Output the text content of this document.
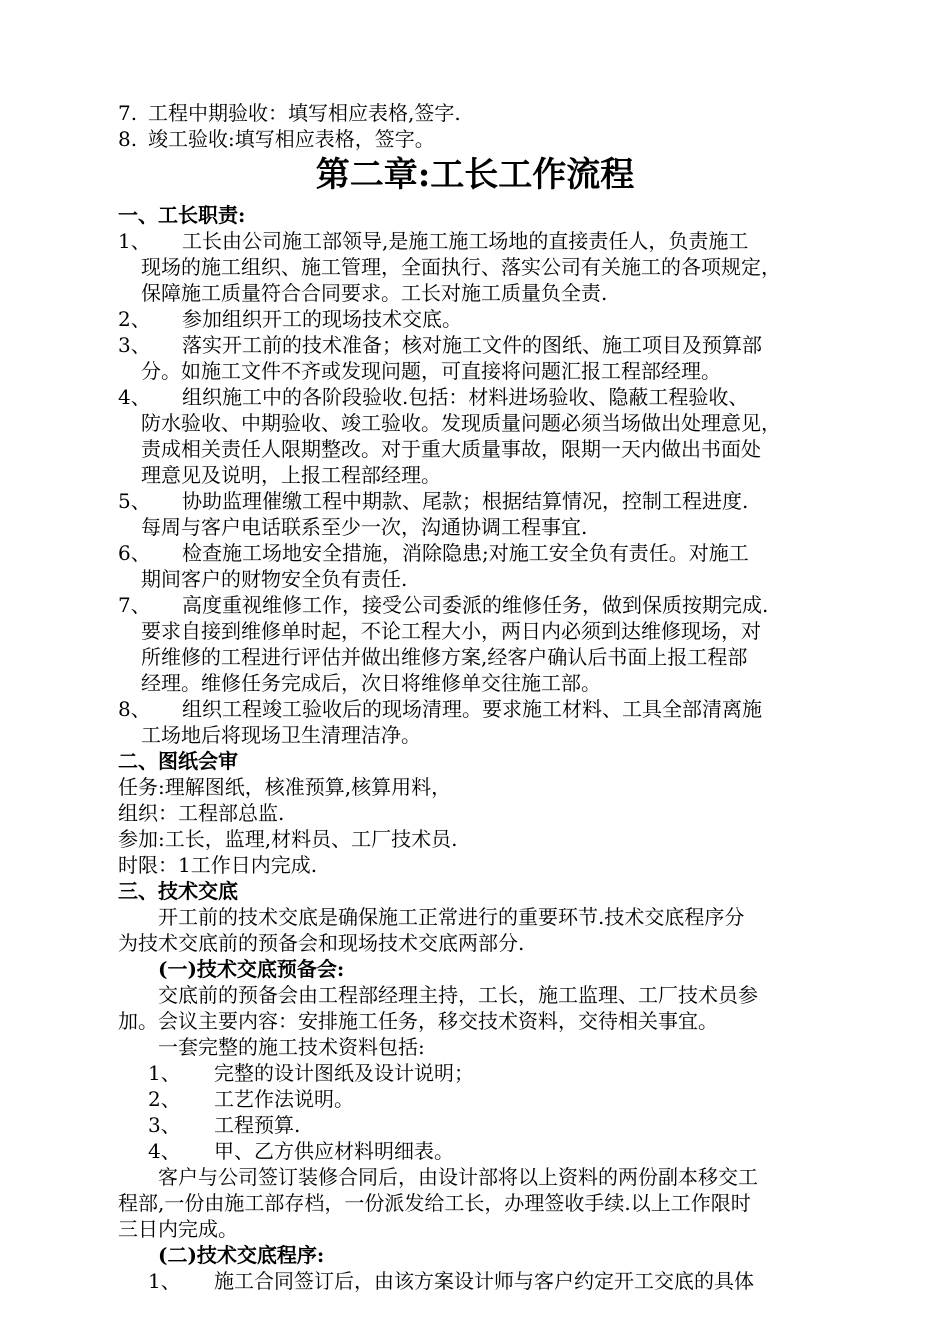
7. 工程中期验收：填写相应表格,签字.
8. 竣工验收:填写相应表格，签字。
第二章:工长工作流程
一、工长职责:
1、 工长由公司施工部领导,是施工施工场地的直接责任人，负责施工
现场的施工组织、施工管理，全面执行、落实公司有关施工的各项规定，
保障施工质量符合合同要求。工长对施工质量负全责.
2、 参加组织开工的现场技术交底。
3、 落实开工前的技术准备；核对施工文件的图纸、施工项目及预算部
分。如施工文件不齐或发现问题，可直接将问题汇报工程部经理。
4、 组织施工中的各阶段验收.包括：材料进场验收、隐蔽工程验收、
防水验收、中期验收、竣工验收。发现质量问题必须当场做出处理意见，
责成相关责任人限期整改。对于重大质量事故，限期一天内做出书面处
理意见及说明，上报工程部经理。
5、 协助监理催缴工程中期款、尾款；根据结算情况，控制工程进度.
每周与客户电话联系至少一次，沟通协调工程事宜.
6、 检查施工场地安全措施，消除隐患;对施工安全负有责任。对施工
期间客户的财物安全负有责任.
7、 高度重视维修工作，接受公司委派的维修任务，做到保质按期完成.
要求自接到维修单时起，不论工程大小，两日内必须到达维修现场，对
所维修的工程进行评估并做出维修方案,经客户确认后书面上报工程部
经理。维修任务完成后，次日将维修单交往施工部。
8、 组织工程竣工验收后的现场清理。要求施工材料、工具全部清离施
工场地后将现场卫生清理洁净。
二、图纸会审
任务:理解图纸，核准预算,核算用料，
组织：工程部总监.
参加:工长，监理,材料员、工厂技术员.
时限：1工作日内完成.
三、技术交底
开工前的技术交底是确保施工正常进行的重要环节.技术交底程序分
为技术交底前的预备会和现场技术交底两部分.
(一)技术交底预备会:
交底前的预备会由工程部经理主持，工长，施工监理、工厂技术员参
加。会议主要内容：安排施工任务，移交技术资料，交待相关事宜。
一套完整的施工技术资料包括:
1、 完整的设计图纸及设计说明；
2、 工艺作法说明。
3、 工程预算.
4、 甲、乙方供应材料明细表。
客户与公司签订装修合同后，由设计部将以上资料的两份副本移交工
程部,一份由施工部存档，一份派发给工长，办理签收手续.以上工作限时
三日内完成。
(二)技术交底程序:
1、 施工合同签订后，由该方案设计师与客户约定开工交底的具体
